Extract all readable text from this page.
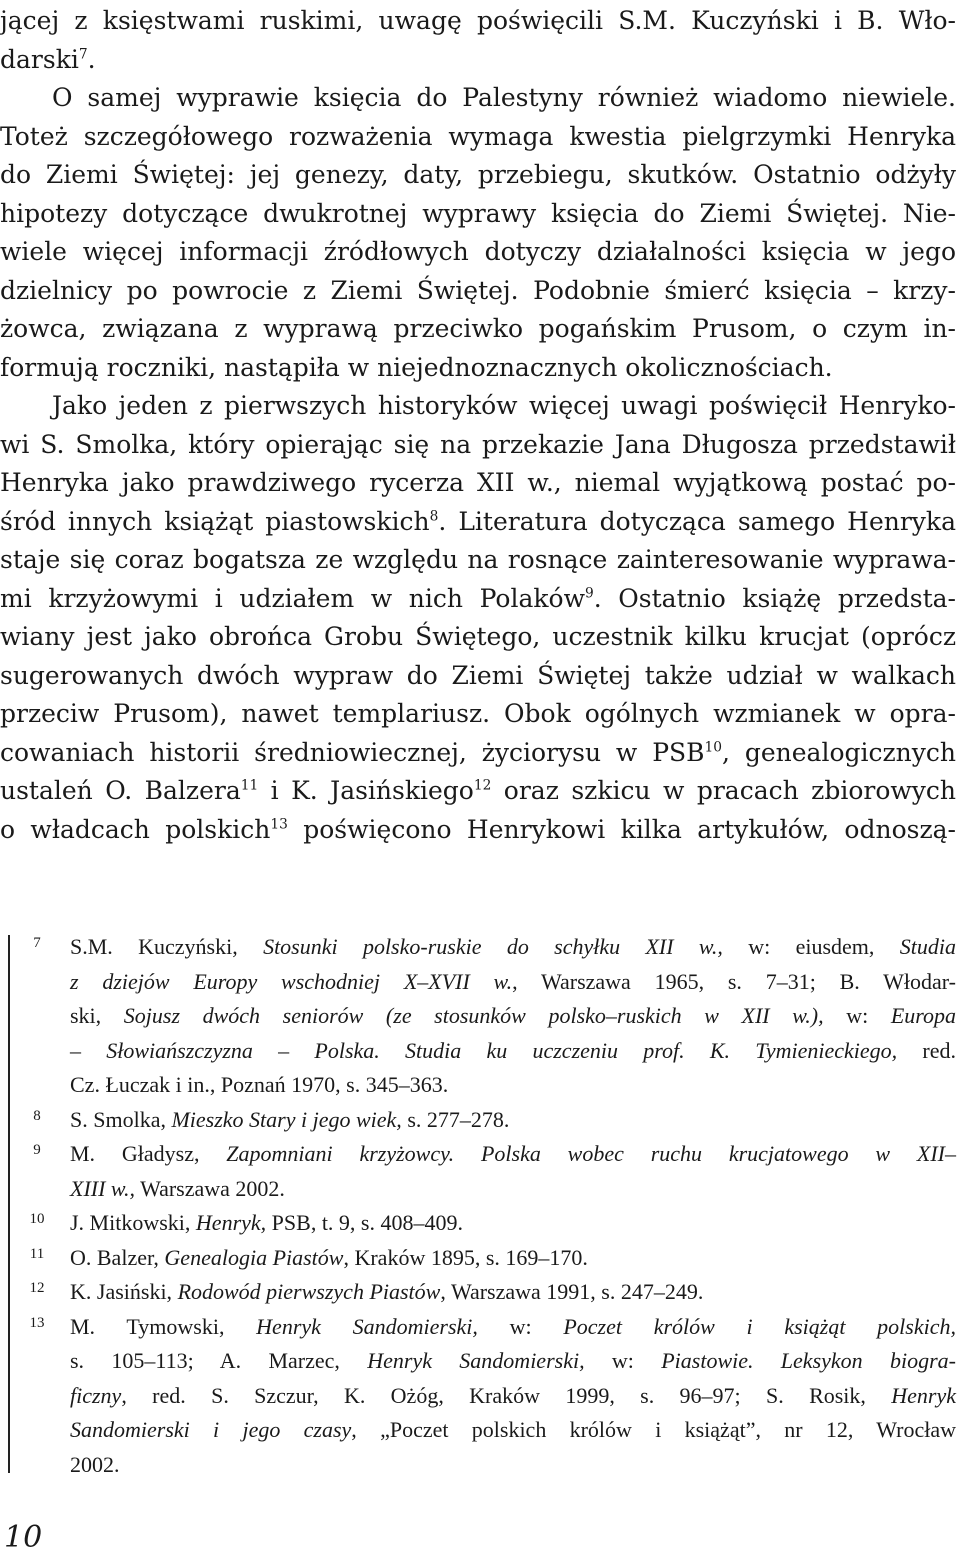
jącej z księstwami ruskimi, uwagę poświęcili S.M. Kuczyński i B. Wło-
darski$^7$.
O samej wyprawie księcia do Palestyny również wiadomo niewiele.
Toteż szczegółowego rozważenia wymaga kwestia pielgrzymki Henryka
do Ziemi Świętej: jej genezy, daty, przebiegu, skutków. Ostatnio odżyły
hipotezy dotyczące dwukrotnej wyprawy księcia do Ziemi Świętej. Nie-
wiele więcej informacji źródłowych dotyczy działalności księcia w jego
dzielnicy po powrocie z Ziemi Świętej. Podobnie śmierć księcia – krzy-
żowca, związana z wyprawą przeciwko pogańskim Prusom, o czym in-
formują roczniki, nastąpiła w niejednoznacznych okolicznościach.
Jako jeden z pierwszych historyków więcej uwagi poświęcił Henryko-
wi S. Smolka, który opierając się na przekazie Jana Długosza przedstawił
Henryka jako prawdziwego rycerza XII w., niemal wyjątkową postać po-
śród innych książąt piastowskich$^8$. Literatura dotycząca samego Henryka
staje się coraz bogatsza ze względu na rosnące zainteresowanie wyprawa-
mi krzyżowymi i udziałem w nich Polaków$^9$. Ostatnio książę przedsta-
wiany jest jako obrońca Grobu Świętego, uczestnik kilku krucjat (oprócz
sugerowanych dwóch wypraw do Ziemi Świętej także udział w walkach
przeciw Prusom), nawet templariusz. Obok ogólnych wzmianek w opra-
cowaniach historii średniowiecznej, życiorysu w PSB$^{10}$, genealogicznych
ustaleń O. Balzera$^{11}$ i K. Jasińskiego$^{12}$ oraz szkicu w pracach zbiorowych
o władcach polskich$^{13}$ poświęcono Henrykowi kilka artykułów, odnoszą-
7	S.M. Kuczyński, Stosunki polsko-ruskie do schyłku XII w., w: eiusdem, Studia
z dziejów Europy wschodniej X–XVII w., Warszawa 1965, s. 7–31; B. Włodar-
ski, Sojusz dwóch seniorów (ze stosunków polsko–ruskich w XII w.), w: Europa
– Słowiańszczyzna – Polska. Studia ku uczczeniu prof. K. Tymienieckiego, red.
Cz. Łuczak i in., Poznań 1970, s. 345–363.
8	S. Smolka, Mieszko Stary i jego wiek, s. 277–278.
9	M. Gładysz, Zapomniani krzyżowcy. Polska wobec ruchu krucjatowego w XII–
XIII w., Warszawa 2002.
10	J. Mitkowski, Henryk, PSB, t. 9, s. 408–409.
11	O. Balzer, Genealogia Piastów, Kraków 1895, s. 169–170.
12	K. Jasiński, Rodowód pierwszych Piastów, Warszawa 1991, s. 247–249.
13	M. Tymowski, Henryk Sandomierski, w: Poczet królów i książąt polskich,
s. 105–113; A. Marzec, Henryk Sandomierski, w: Piastowie. Leksykon biogra-
ficzny, red. S. Szczur, K. Ożóg, Kraków 1999, s. 96–97; S. Rosik, Henryk
Sandomierski i jego czasy, „Poczet polskich królów i książąt”, nr 12, Wrocław
2002.
10
